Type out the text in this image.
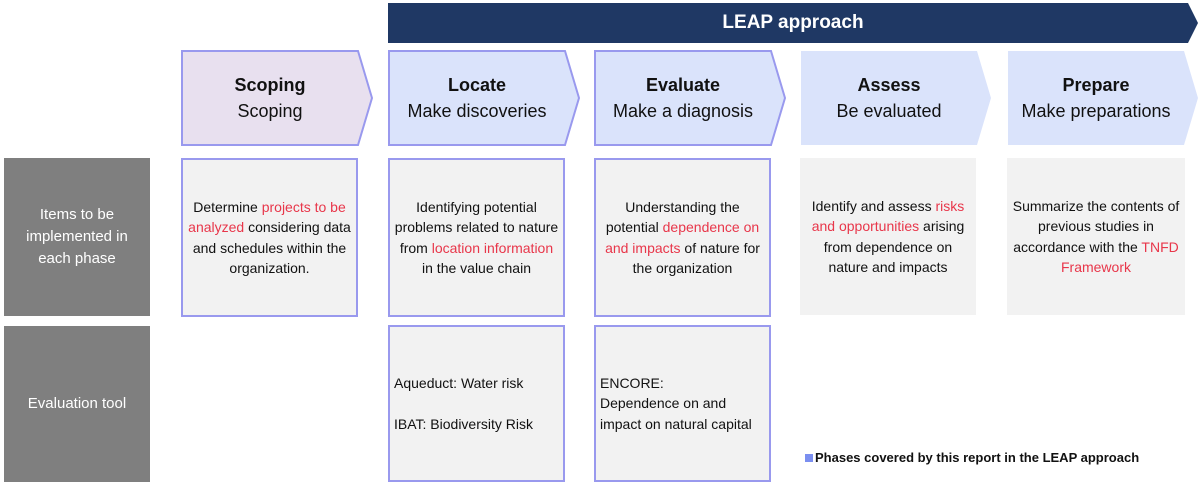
LEAP approach
Scoping
Scoping
Locate
Make discoveries
Evaluate
Make a diagnosis
Assess
Be evaluated
Prepare
Make preparations
Items to be implemented in each phase
Evaluation tool
Determine projects to be analyzed considering data and schedules within the organization.
Identifying potential problems related to nature from location information in the value chain
Understanding the potential dependence on and impacts of nature for the organization
Identify and assess risks and opportunities arising from dependence on nature and impacts
Summarize the contents of previous studies in accordance with the TNFD Framework

Aqueduct: Water risk

IBAT: Biodiversity Risk

ENCORE:

Dependence on and impact on natural capital

Phases covered by this report in the LEAP approach
